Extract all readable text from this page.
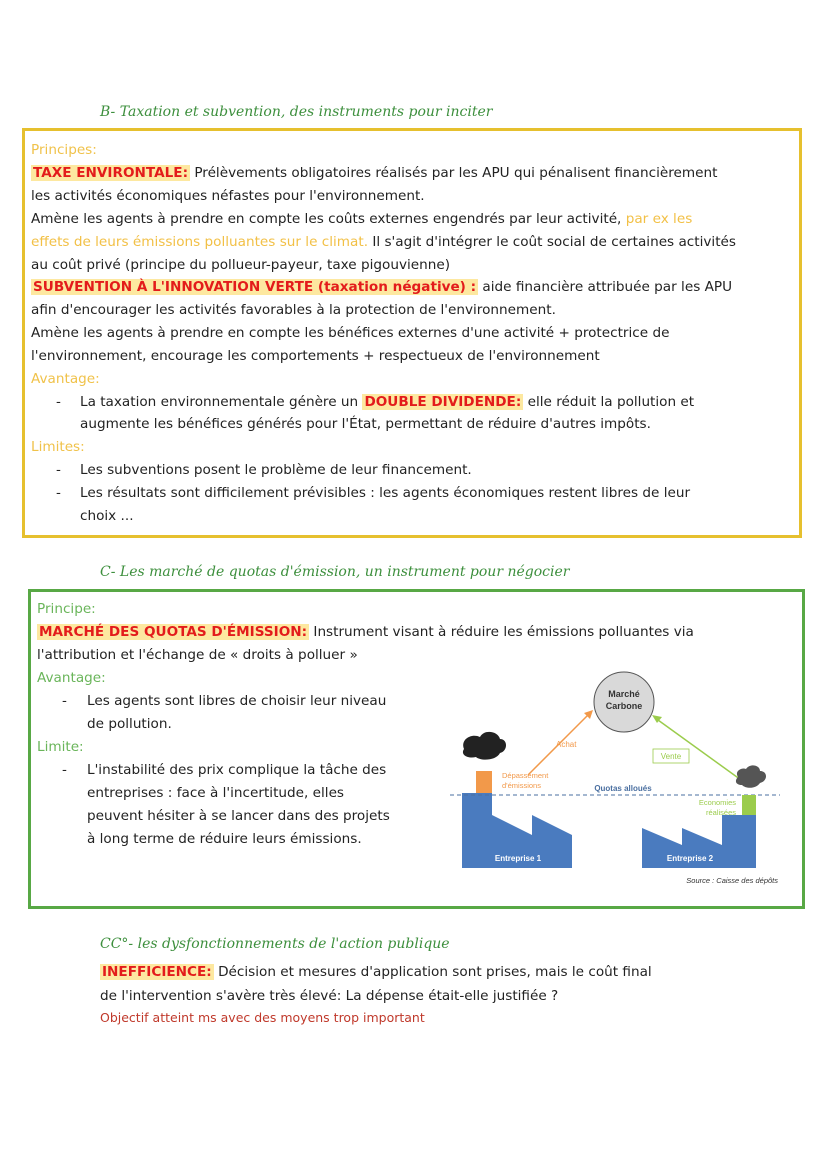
B- Taxation et subvention, des instruments pour inciter
Principes:
TAXE ENVIRONTALE: Prélèvements obligatoires réalisés par les APU qui pénalisent financièrement
les activités économiques néfastes pour l'environnement.
Amène les agents à prendre en compte les coûts externes engendrés par leur activité, par ex les
effets de leurs émissions polluantes sur le climat. Il s'agit d'intégrer le coût social de certaines activités
au coût privé (principe du pollueur-payeur, taxe pigouvienne)
SUBVENTION À L'INNOVATION VERTE (taxation négative) : aide financière attribuée par les APU
afin d'encourager les activités favorables à la protection de l'environnement.
Amène les agents à prendre en compte les bénéfices externes d'une activité + protectrice de
l'environnement, encourage les comportements + respectueux de l'environnement
Avantage:
- La taxation environnementale génère un DOUBLE DIVIDENDE: elle réduit la pollution et
augmente les bénéfices générés pour l'État, permettant de réduire d'autres impôts.
Limites:
- Les subventions posent le problème de leur financement.
- Les résultats sont difficilement prévisibles : les agents économiques restent libres de leur
choix ...
C- Les marché de quotas d'émission, un instrument pour négocier
Principe:
MARCHÉ DES QUOTAS D'ÉMISSION: Instrument visant à réduire les émissions polluantes via
l'attribution et l'échange de « droits à polluer »
Avantage:
- Les agents sont libres de choisir leur niveau
de pollution.
Limite:
- L'instabilité des prix complique la tâche des
entreprises : face à l'incertitude, elles
peuvent hésiter à se lancer dans des projets
à long terme de réduire leurs émissions.
Marché
Carbone
Achat
Vente
Dépassement
d'émissions
Entreprise 1
Quotas alloués
Economies
réalisées
Entreprise 2
Source : Caisse des dépôts
CC°- les dysfonctionnements de l'action publique
INEFFICIENCE: Décision et mesures d'application sont prises, mais le coût final
de l'intervention s'avère très élevé: La dépense était-elle justifiée ?
Objectif atteint ms avec des moyens trop important
